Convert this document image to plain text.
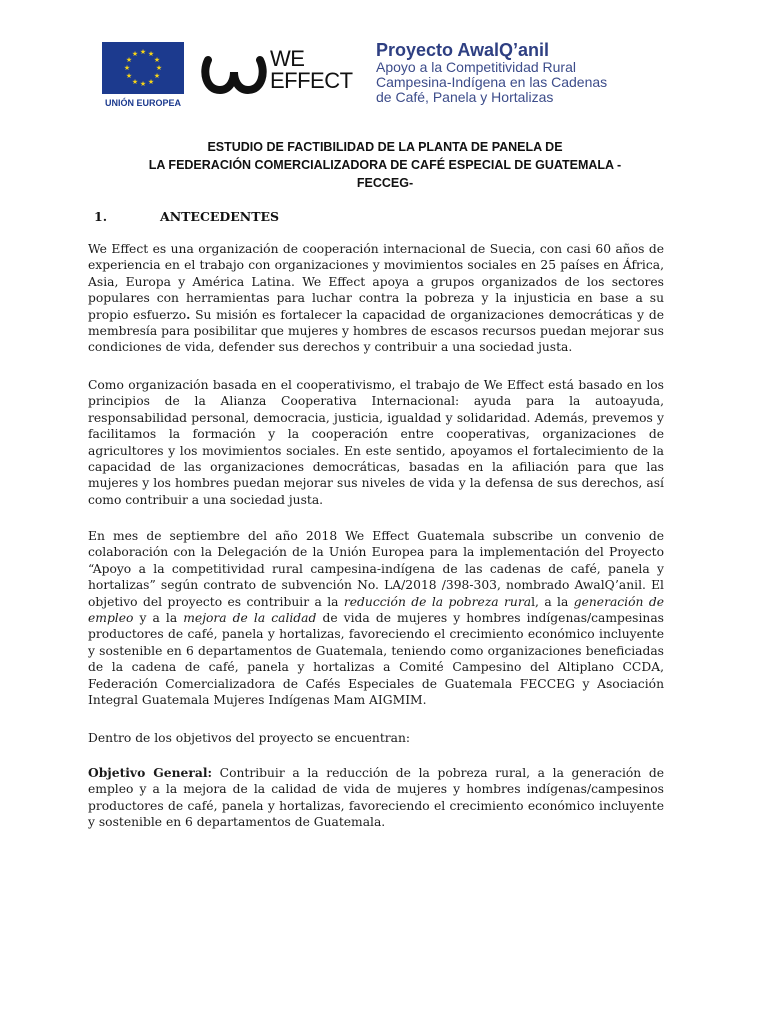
★ ★
★
★
★
★
★
★
★
★
★
★
UNIÓN EUROPEA
WE
EFFECT
Proyecto AwalQ’anil
Apoyo a la Competitividad Rural
Campesina-Indígena en las Cadenas
de Café, Panela y Hortalizas
ESTUDIO DE FACTIBILIDAD DE LA PLANTA DE PANELA DE
LA FEDERACIÓN COMERCIALIZADORA DE CAFÉ ESPECIAL DE GUATEMALA -
FECCEG-
1.	ANTECEDENTES
We Effect es una organización de cooperación internacional de Suecia, con casi 60 años de experiencia en el trabajo con organizaciones y movimientos sociales en 25 países en África, Asia, Europa y América Latina. We Effect apoya a grupos organizados de los sectores populares con herramientas para luchar contra la pobreza y la injusticia en base a su propio esfuerzo. Su misión es fortalecer la capacidad de organizaciones democráticas y de membresía para posibilitar que mujeres y hombres de escasos recursos puedan mejorar sus condiciones de vida, defender sus derechos y contribuir a una sociedad justa.
Como organización basada en el cooperativismo, el trabajo de We Effect está basado en los principios de la Alianza Cooperativa Internacional: ayuda para la autoayuda, responsabilidad personal, democracia, justicia, igualdad y solidaridad. Además, prevemos y facilitamos la formación y la cooperación entre cooperativas, organizaciones de agricultores y los movimientos sociales. En este sentido, apoyamos el fortalecimiento de la capacidad de las organizaciones democráticas, basadas en la afiliación para que las mujeres y los hombres puedan mejorar sus niveles de vida y la defensa de sus derechos, así como contribuir a una sociedad justa.
En mes de septiembre del año 2018 We Effect Guatemala subscribe un convenio de colaboración con la Delegación de la Unión Europea para la implementación del Proyecto “Apoyo a la competitividad rural campesina-indígena de las cadenas de café, panela y hortalizas” según contrato de subvención No. LA/2018 /398-303, nombrado AwalQ’anil. El objetivo del proyecto es contribuir a la reducción de la pobreza rural, a la generación de empleo y a la mejora de la calidad de vida de mujeres y hombres indígenas/campesinas productores de café, panela y hortalizas, favoreciendo el crecimiento económico incluyente y sostenible en 6 departamentos de Guatemala, teniendo como organizaciones beneficiadas de la cadena de café, panela y hortalizas a Comité Campesino del Altiplano CCDA, Federación Comercializadora de Cafés Especiales de Guatemala FECCEG y Asociación Integral Guatemala Mujeres Indígenas Mam AIGMIM.
Dentro de los objetivos del proyecto se encuentran:
Objetivo General: Contribuir a la reducción de la pobreza rural, a la generación de empleo y a la mejora de la calidad de vida de mujeres y hombres indígenas/campesinos productores de café, panela y hortalizas, favoreciendo el crecimiento económico incluyente y sostenible en 6 departamentos de Guatemala.
